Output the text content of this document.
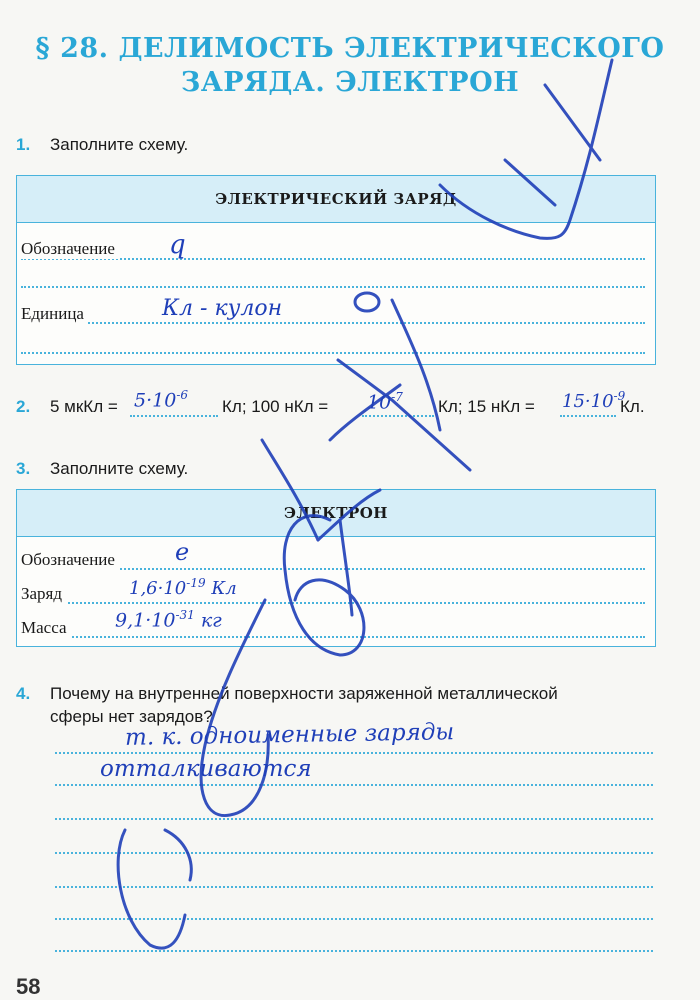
§ 28. ДЕЛИМОСТЬ ЭЛЕКТРИЧЕСКОГО
ЗАРЯДА. ЭЛЕКТРОН
1. Заполните схему.
ЭЛЕКТРИЧЕСКИЙ ЗАРЯД
Обозначение
Единица
q
Кл - кулон
2. 5 мкКл = $5\cdot 10^{-6}$
Кл; 100 нКл = $10^{-7}$ Кл; 15 нКл = $15\cdot 10^{-9}$
Кл.
3. Заполните схему.
ЭЛЕКТРОН
Обозначение
Заряд
Масса
e
$1,6\cdot 10^{-19}$ Кл
$9,1\cdot 10^{-31}$ кг
4. Почему на внутренней поверхности заряженной металлической
сферы нет зарядов?
т. к. одноименные заряды
отталкиваются
58
